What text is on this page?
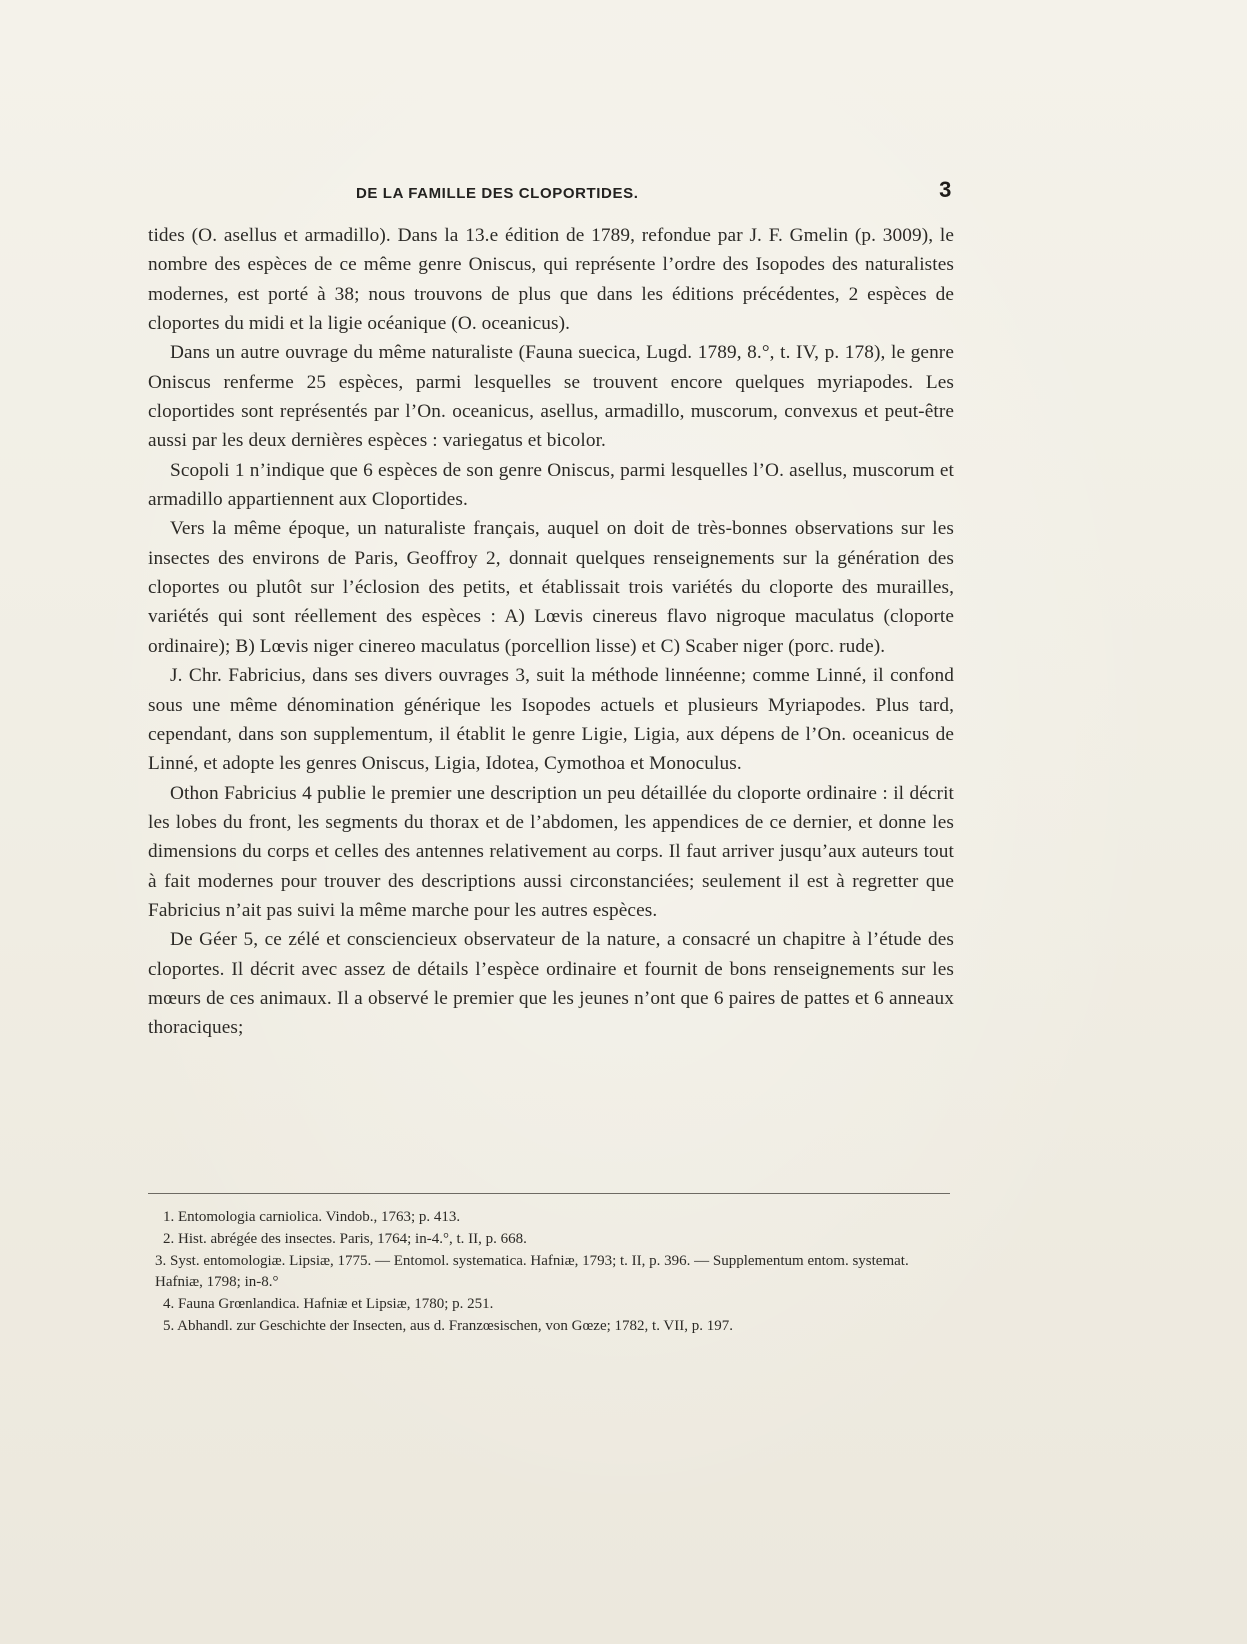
DE LA FAMILLE DES CLOPORTIDES.	3

tides (O. asellus et armadillo). Dans la 13.e édition de 1789, refondue par J. F. Gmelin (p. 3009), le nombre des espèces de ce même genre Oniscus, qui représente l’ordre des Isopodes des naturalistes modernes, est porté à 38; nous trouvons de plus que dans les éditions précédentes, 2 espèces de cloportes du midi et la ligie océanique (O. oceanicus).

Dans un autre ouvrage du même naturaliste (Fauna suecica, Lugd. 1789, 8.°, t. IV, p. 178), le genre Oniscus renferme 25 espèces, parmi lesquelles se trouvent encore quelques myriapodes. Les cloportides sont représentés par l’On. oceanicus, asellus, armadillo, muscorum, convexus et peut-être aussi par les deux dernières espèces : variegatus et bicolor.

Scopoli 1 n’indique que 6 espèces de son genre Oniscus, parmi lesquelles l’O. asellus, muscorum et armadillo appartiennent aux Cloportides.

Vers la même époque, un naturaliste français, auquel on doit de très-bonnes observations sur les insectes des environs de Paris, Geoffroy 2, donnait quelques renseignements sur la génération des cloportes ou plutôt sur l’éclosion des petits, et établissait trois variétés du cloporte des murailles, variétés qui sont réellement des espèces : A) Lœvis cinereus flavo nigroque maculatus (cloporte ordinaire); B) Lœvis niger cinereo maculatus (porcellion lisse) et C) Scaber niger (porc. rude).

J. Chr. Fabricius, dans ses divers ouvrages 3, suit la méthode linnéenne; comme Linné, il confond sous une même dénomination générique les Isopodes actuels et plusieurs Myriapodes. Plus tard, cependant, dans son supplementum, il établit le genre Ligie, Ligia, aux dépens de l’On. oceanicus de Linné, et adopte les genres Oniscus, Ligia, Idotea, Cymothoa et Monoculus.

Othon Fabricius 4 publie le premier une description un peu détaillée du cloporte ordinaire : il décrit les lobes du front, les segments du thorax et de l’abdomen, les appendices de ce dernier, et donne les dimensions du corps et celles des antennes relativement au corps. Il faut arriver jusqu’aux auteurs tout à fait modernes pour trouver des descriptions aussi circonstanciées; seulement il est à regretter que Fabricius n’ait pas suivi la même marche pour les autres espèces.

De Géer 5, ce zélé et consciencieux observateur de la nature, a consacré un chapitre à l’étude des cloportes. Il décrit avec assez de détails l’espèce ordinaire et fournit de bons renseignements sur les mœurs de ces animaux. Il a observé le premier que les jeunes n’ont que 6 paires de pattes et 6 anneaux thoraciques;

1. Entomologia carniolica. Vindob., 1763; p. 413.

2. Hist. abrégée des insectes. Paris, 1764; in-4.°, t. II, p. 668.

3. Syst. entomologiæ. Lipsiæ, 1775. — Entomol. systematica. Hafniæ, 1793; t. II, p. 396. — Supplementum entom. systemat. Hafniæ, 1798; in-8.°

4. Fauna Grœnlandica. Hafniæ et Lipsiæ, 1780; p. 251.

5. Abhandl. zur Geschichte der Insecten, aus d. Franzœsischen, von Gœze; 1782, t. VII, p. 197.
